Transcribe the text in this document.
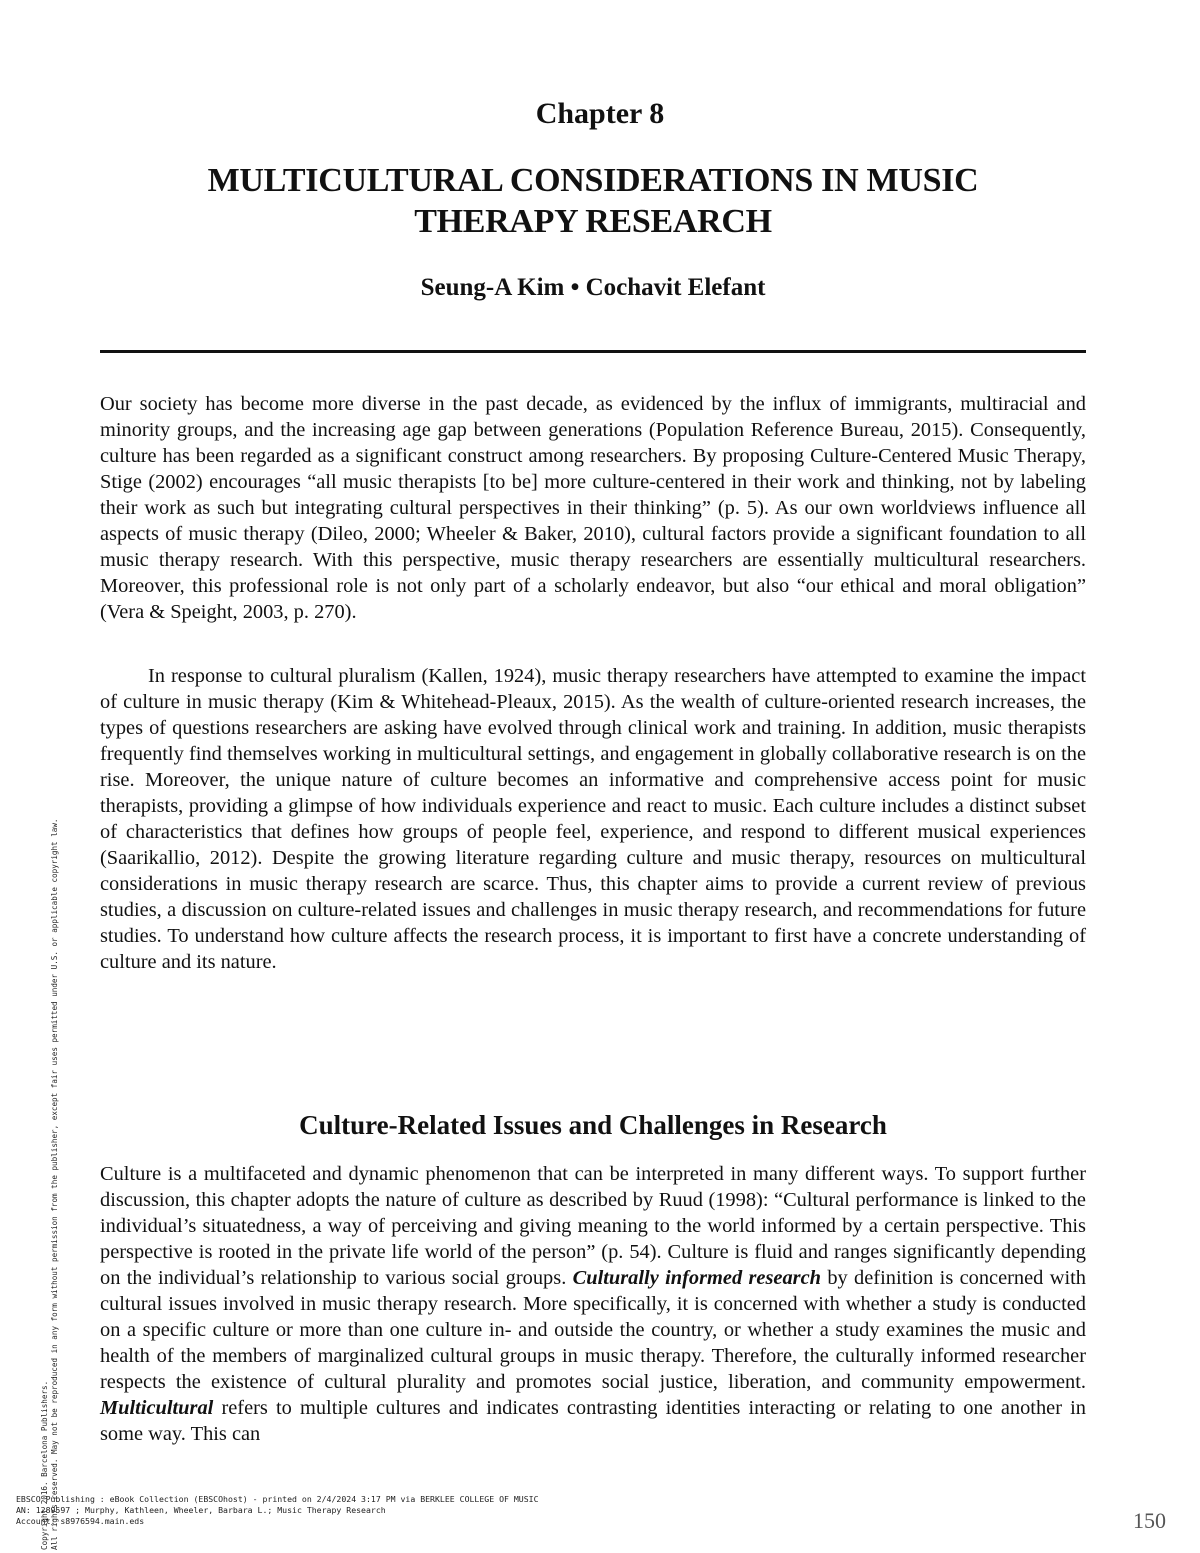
Chapter 8
MULTICULTURAL CONSIDERATIONS IN MUSIC
THERAPY RESEARCH
Seung-A Kim • Cochavit Elefant

Our society has become more diverse in the past decade, as evidenced by the influx of immigrants, multiracial and minority groups, and the increasing age gap between generations (Population Reference Bureau, 2015). Consequently, culture has been regarded as a significant construct among researchers. By proposing Culture-Centered Music Therapy, Stige (2002) encourages “all music therapists [to be] more culture-centered in their work and thinking, not by labeling their work as such but integrating cultural perspectives in their thinking” (p. 5). As our own worldviews influence all aspects of music therapy (Dileo, 2000; Wheeler & Baker, 2010), cultural factors provide a significant foundation to all music therapy research. With this perspective, music therapy researchers are essentially multicultural researchers. Moreover, this professional role is not only part of a scholarly endeavor, but also “our ethical and moral obligation” (Vera & Speight, 2003, p. 270).

In response to cultural pluralism (Kallen, 1924), music therapy researchers have attempted to examine the impact of culture in music therapy (Kim & Whitehead-Pleaux, 2015). As the wealth of culture-oriented research increases, the types of questions researchers are asking have evolved through clinical work and training. In addition, music therapists frequently find themselves working in multicultural settings, and engagement in globally collaborative research is on the rise. Moreover, the unique nature of culture becomes an informative and comprehensive access point for music therapists, providing a glimpse of how individuals experience and react to music. Each culture includes a distinct subset of characteristics that defines how groups of people feel, experience, and respond to different musical experiences (Saarikallio, 2012). Despite the growing literature regarding culture and music therapy, resources on multicultural considerations in music therapy research are scarce. Thus, this chapter aims to provide a current review of previous studies, a discussion on culture-related issues and challenges in music therapy research, and recommendations for future studies. To understand how culture affects the research process, it is important to first have a concrete understanding of culture and its nature.

Culture-Related Issues and Challenges in Research

Culture is a multifaceted and dynamic phenomenon that can be interpreted in many different ways. To support further discussion, this chapter adopts the nature of culture as described by Ruud (1998): “Cultural performance is linked to the individual’s situatedness, a way of perceiving and giving meaning to the world informed by a certain perspective. This perspective is rooted in the private life world of the person” (p. 54). Culture is fluid and ranges significantly depending on the individual’s relationship to various social groups. Culturally informed research by definition is concerned with cultural issues involved in music therapy research. More specifically, it is concerned with whether a study is conducted on a specific culture or more than one culture in- and outside the country, or whether a study examines the music and health of the members of marginalized cultural groups in music therapy. Therefore, the culturally informed researcher respects the existence of cultural plurality and promotes social justice, liberation, and community empowerment. Multicultural refers to multiple cultures and indicates contrasting identities interacting or relating to one another in some way. This can

Copyright 2016. Barcelona Publishers. All rights reserved. May not be reproduced in any form without permission from the publisher, except fair uses permitted under U.S. or applicable copyright law.
EBSCO Publishing : eBook Collection (EBSCOhost) - printed on 2/4/2024 3:17 PM via BERKLEE COLLEGE OF MUSIC
AN: 1289597 ; Murphy, Kathleen, Wheeler, Barbara L.; Music Therapy Research
Account: s8976594.main.eds	150
